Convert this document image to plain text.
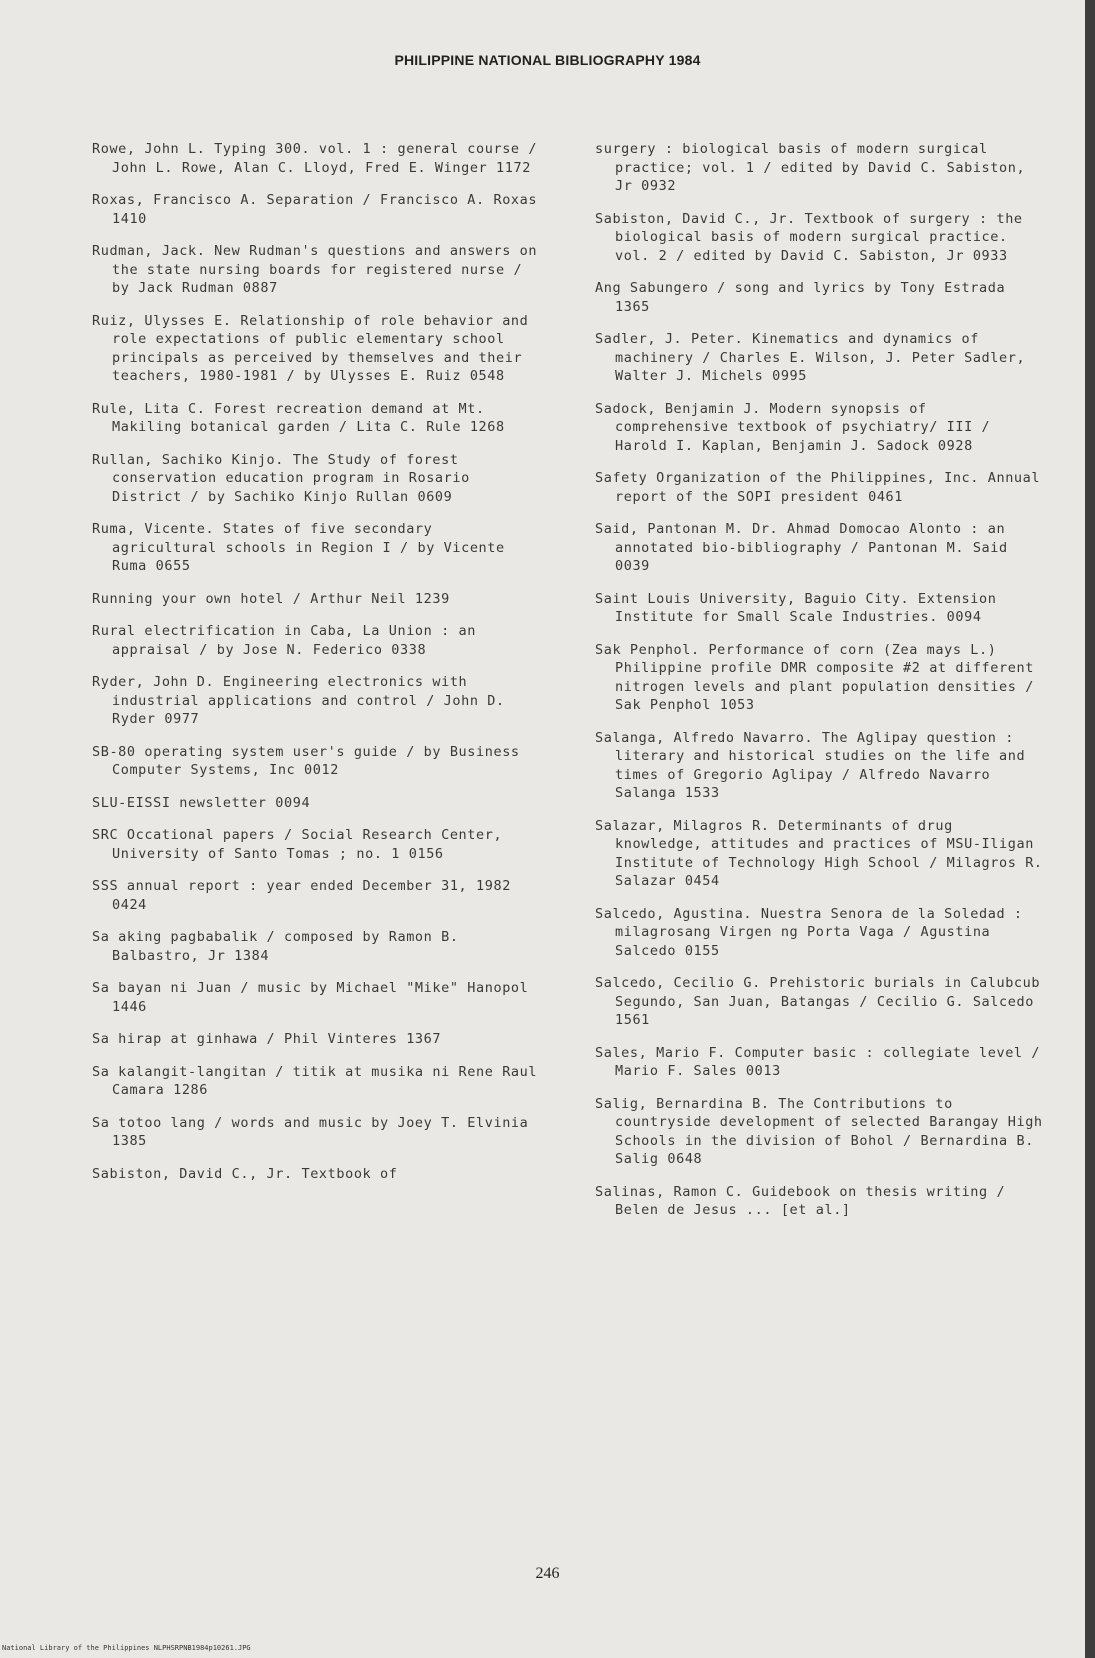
PHILIPPINE NATIONAL BIBLIOGRAPHY 1984
Rowe, John L. Typing 300. vol. 1 : general course / John L. Rowe, Alan C. Lloyd, Fred E. Winger 1172
Roxas, Francisco A. Separation / Francisco A. Roxas 1410
Rudman, Jack. New Rudman's questions and answers on the state nursing boards for registered nurse / by Jack Rudman 0887
Ruiz, Ulysses E. Relationship of role behavior and role expectations of public elementary school principals as perceived by themselves and their teachers, 1980-1981 / by Ulysses E. Ruiz 0548
Rule, Lita C. Forest recreation demand at Mt. Makiling botanical garden / Lita C. Rule 1268
Rullan, Sachiko Kinjo. The Study of forest conservation education program in Rosario District / by Sachiko Kinjo Rullan 0609
Ruma, Vicente. States of five secondary agricultural schools in Region I / by Vicente Ruma 0655
Running your own hotel / Arthur Neil 1239
Rural electrification in Caba, La Union : an appraisal / by Jose N. Federico 0338
Ryder, John D. Engineering electronics with industrial applications and control / John D. Ryder 0977
SB-80 operating system user's guide / by Business Computer Systems, Inc 0012
SLU-EISSI newsletter 0094
SRC Occational papers / Social Research Center, University of Santo Tomas ; no. 1 0156
SSS annual report : year ended December 31, 1982 0424
Sa aking pagbabalik / composed by Ramon B. Balbastro, Jr 1384
Sa bayan ni Juan / music by Michael "Mike" Hanopol 1446
Sa hirap at ginhawa / Phil Vinteres 1367
Sa kalangit-langitan / titik at musika ni Rene Raul Camara 1286
Sa totoo lang / words and music by Joey T. Elvinia 1385
Sabiston, David C., Jr. Textbook of
surgery : biological basis of modern surgical practice; vol. 1 / edited by David C. Sabiston, Jr 0932
Sabiston, David C., Jr. Textbook of surgery : the biological basis of modern surgical practice. vol. 2 / edited by David C. Sabiston, Jr 0933
Ang Sabungero / song and lyrics by Tony Estrada 1365
Sadler, J. Peter. Kinematics and dynamics of machinery / Charles E. Wilson, J. Peter Sadler, Walter J. Michels 0995
Sadock, Benjamin J. Modern synopsis of comprehensive textbook of psychiatry/ III / Harold I. Kaplan, Benjamin J. Sadock 0928
Safety Organization of the Philippines, Inc. Annual report of the SOPI president 0461
Said, Pantonan M. Dr. Ahmad Domocao Alonto : an annotated bio-bibliography / Pantonan M. Said 0039
Saint Louis University, Baguio City. Extension Institute for Small Scale Industries. 0094
Sak Penphol. Performance of corn (Zea mays L.) Philippine profile DMR composite #2 at different nitrogen levels and plant population densities / Sak Penphol 1053
Salanga, Alfredo Navarro. The Aglipay question : literary and historical studies on the life and times of Gregorio Aglipay / Alfredo Navarro Salanga 1533
Salazar, Milagros R. Determinants of drug knowledge, attitudes and practices of MSU-Iligan Institute of Technology High School / Milagros R. Salazar 0454
Salcedo, Agustina. Nuestra Senora de la Soledad : milagrosang Virgen ng Porta Vaga / Agustina Salcedo 0155
Salcedo, Cecilio G. Prehistoric burials in Calubcub Segundo, San Juan, Batangas / Cecilio G. Salcedo 1561
Sales, Mario F. Computer basic : collegiate level / Mario F. Sales 0013
Salig, Bernardina B. The Contributions to countryside development of selected Barangay High Schools in the division of Bohol / Bernardina B. Salig 0648
Salinas, Ramon C. Guidebook on thesis writing / Belen de Jesus ... [et al.]
246
National Library of the Philippines NLPHSRPNB1984p10261.JPG
